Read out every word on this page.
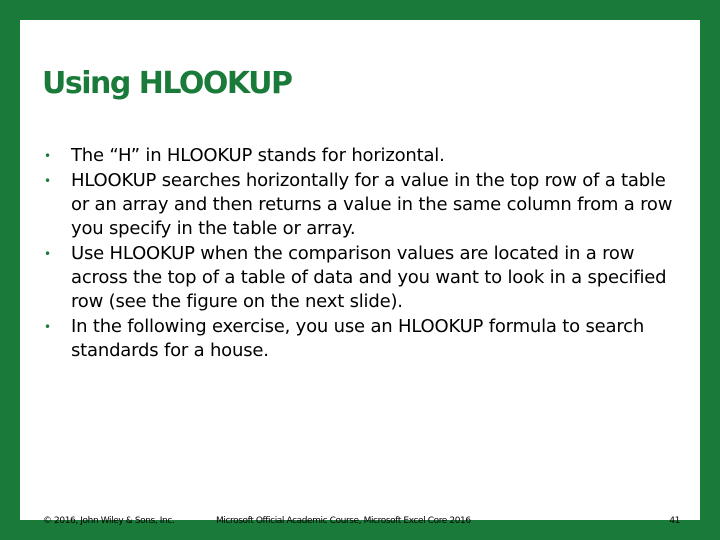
Using HLOOKUP
• The “H” in HLOOKUP stands for horizontal.
• HLOOKUP searches horizontally for a value in the top row of a table or an array and then returns a value in the same column from a row you specify in the table or array.
• Use HLOOKUP when the comparison values are located in a row across the top of a table of data and you want to look in a specified row (see the figure on the next slide).
• In the following exercise, you use an HLOOKUP formula to search standards for a house.
© 2016, John Wiley & Sons, Inc.	Microsoft Official Academic Course, Microsoft Excel Core 2016	41
